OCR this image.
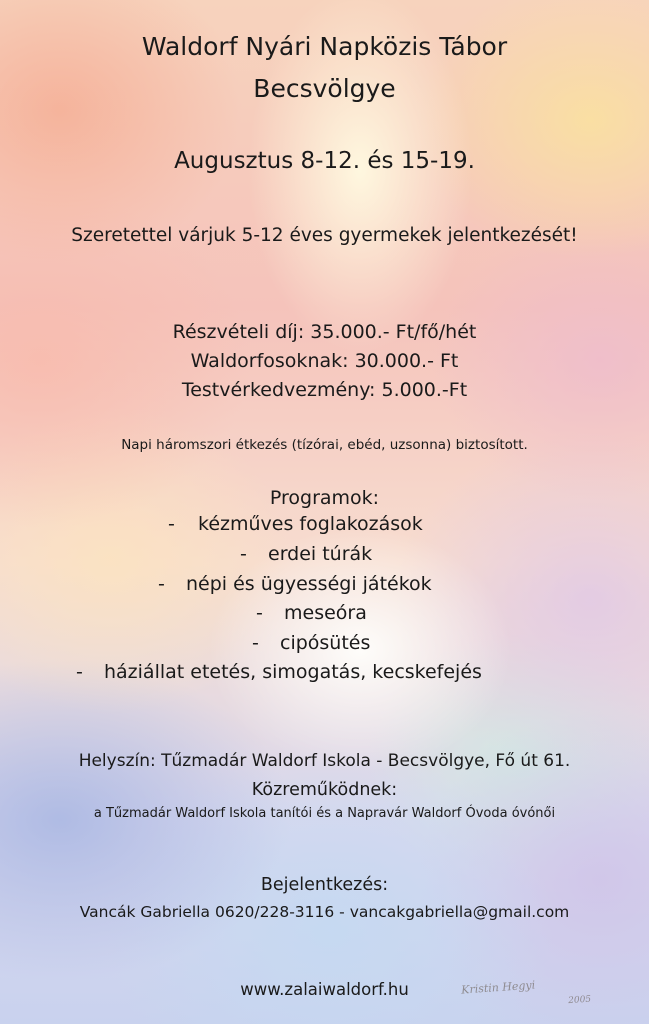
Waldorf Nyári Napközis Tábor

Becsvölgye

Augusztus 8-12. és 15-19.

Szeretettel várjuk 5-12 éves gyermekek jelentkezését!

Részvételi díj: 35.000.- Ft/fő/hét

Waldorfosoknak: 30.000.- Ft

Testvérkedvezmény: 5.000.-Ft

Napi háromszori étkezés (tízórai, ebéd, uzsonna) biztosított.

Programok:

- kézműves foglakozások
- erdei túrák
- népi és ügyességi játékok
- meseóra
- cipósütés
- háziállat etetés, simogatás, kecskefejés

Helyszín: Tűzmadár Waldorf Iskola - Becsvölgye, Fő út 61.

Közreműködnek:

a Tűzmadár Waldorf Iskola tanítói és a Napravár Waldorf Óvoda óvónői

Bejelentkezés:

Vancák Gabriella 0620/228-3116 - vancakgabriella@gmail.com

www.zalaiwaldorf.hu	Kristin Hegyi
2005
